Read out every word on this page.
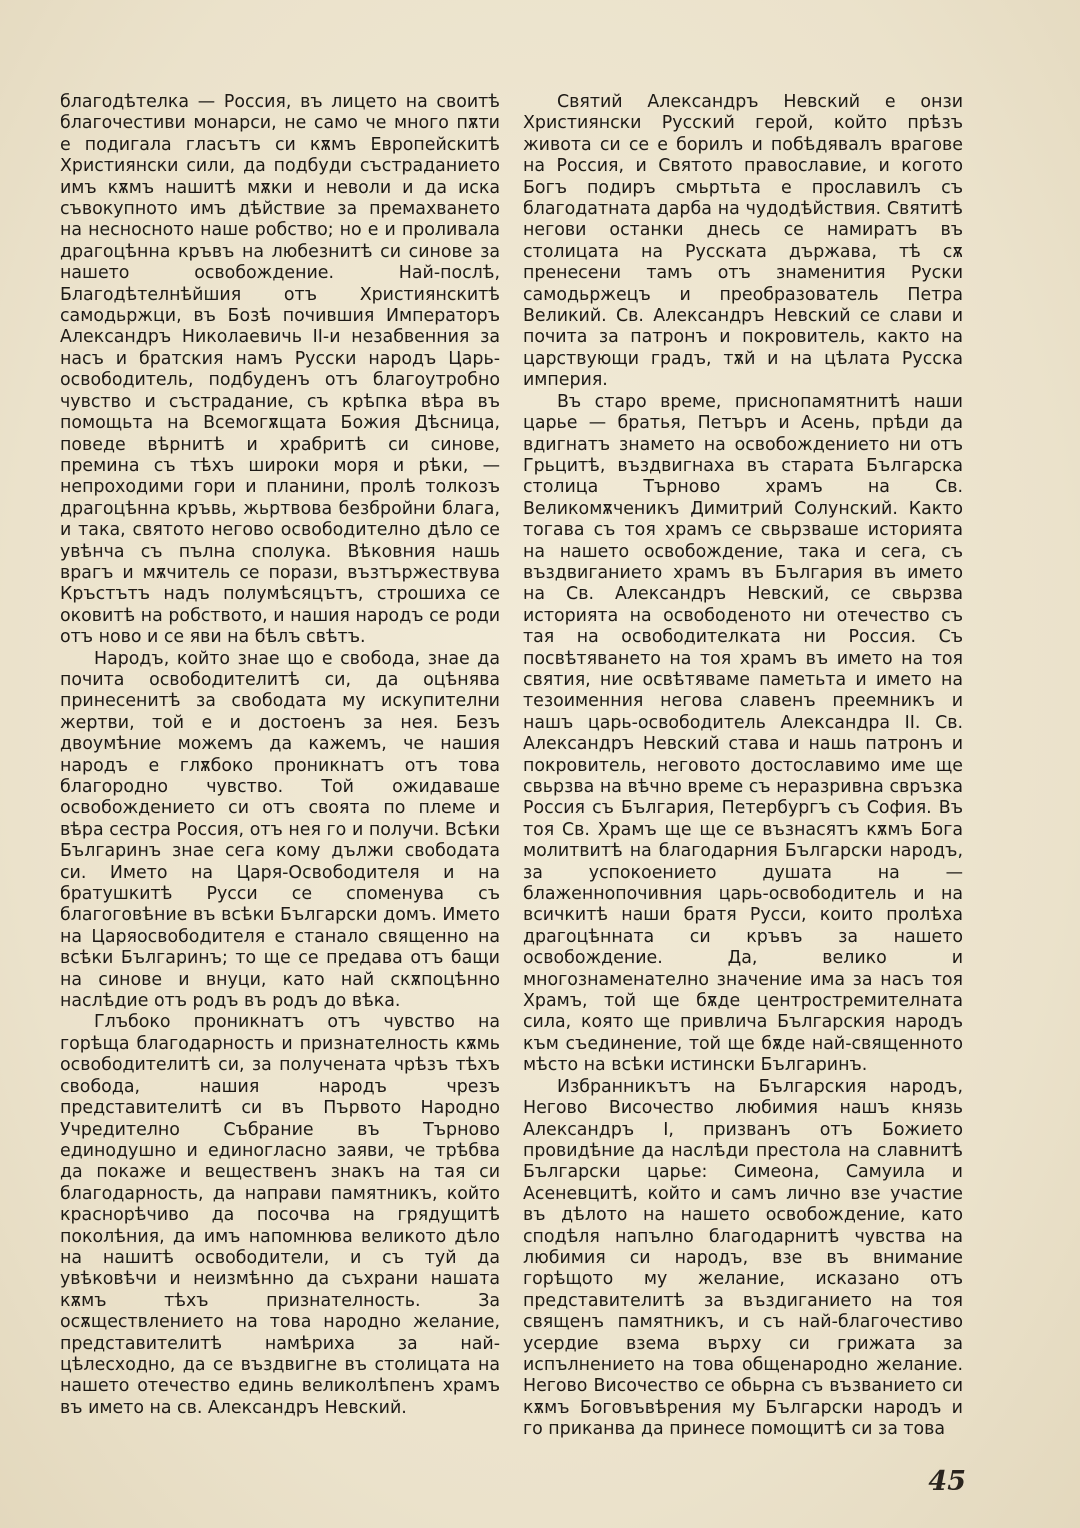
благодѣтелка — Россия, въ лицето на своитѣ благочестиви монарси, не само че много пѫти е подигала гласътъ си кѫмъ Европейскитѣ Християнски сили, да подбуди състраданието имъ кѫмъ нашитѣ мѫки и неволи и да иска съвокупното имъ дѣйствие за премахването на несносното наше робство; но е и проливала драгоцѣнна кръвъ на любезнитѣ си синове за нашето освобождение. Най-послѣ, Благодѣтелнѣйшия отъ Християнскитѣ самодьржци, въ Бозѣ почившия Императоръ Александръ Николаевичь II-и незабвенния за насъ и братския намъ Русски народъ Царь-освободитель, подбуденъ отъ благоутробно чувство и състрадание, съ крѣпка вѣра въ помощьта на Всемогѫщата Божия Дѣсница, поведе вѣрнитѣ и храбритѣ си синове, премина съ тѣхъ широки моря и рѣки, — непроходими гори и планини, пролѣ толкозъ драгоцѣнна кръвь, жьртвова безбройни блага, и така, святото негово освободително дѣло се увѣнча съ пълна сполука. Вѣковния нашь врагъ и мѫчитель се порази, възтържествува Кръстътъ надъ полумѣсяцътъ, строшиха се оковитѣ на робството, и нашия народъ се роди отъ ново и се яви на бѣлъ свѣтъ.

Народъ, който знае що е свобода, знае да почита освободителитѣ си, да оцѣнява принесенитѣ за свободата му искупителни жертви, той е и достоенъ за нея. Безъ двоумѣние можемъ да кажемъ, че нашия народъ е глѫбоко проникнатъ отъ това благородно чувство. Той ожидаваше освобождението си отъ своята по племе и вѣра сестра Россия, отъ нея го и получи. Всѣки Българинъ знае сега кому дължи свободата си. Името на Царя-Освободителя и на братушкитѣ Русси се споменува съ благоговѣние въ всѣки Български домъ. Името на Царяосвободителя е станало священно на всѣки Българинъ; то ще се предава отъ бащи на синове и внуци, като най скѫпоцѣнно наслѣдие отъ родъ въ родъ до вѣка.

Глъбоко проникнатъ отъ чувство на горѣща благодарность и признателность кѫмь освободителитѣ си, за получената чрѣзъ тѣхъ свобода, нашия народъ чрезъ представителитѣ си въ Първото Народно Учредително Събрание въ Търново единодушно и единогласно заяви, че трѣбва да покаже и вещественъ знакъ на тая си благодарность, да направи памятникъ, който краснорѣчиво да посочва на грядущитѣ поколѣния, да имъ напомнюва великото дѣло на нашитѣ освободители, и съ туй да увѣковѣчи и неизмѣнно да съхрани нашата кѫмъ тѣхъ признателность. За осѫществлението на това народно желание, представителитѣ намѣриха за най-цѣлесходно, да се въздвигне въ столицата на нашето отечество единь великолѣпенъ храмъ въ името на св. Александръ Невский.

Святий Александръ Невский е онзи Християнски Русский герой, който прѣзъ живота си се е борилъ и побѣдявалъ врагове на Россия, и Святото православие, и когото Богъ подиръ смьртьта е прославилъ съ благодатната дарба на чудодѣйствия. Святитѣ негови останки днесь се намиратъ въ столицата на Русската държава, тѣ сѫ пренесени тамъ отъ знаменития Руски самодьржецъ и преобразователь Петра Великий. Св. Александръ Невский се слави и почита за патронъ и покровитель, както на царствующи градъ, тѫй и на цѣлата Русска империя.

Въ старо време, приснопамятнитѣ наши царье — братья, Петъръ и Асень, прѣди да вдигнатъ знамето на освобождението ни отъ Грьцитѣ, въздвигнаха въ старата Българска столица Търново храмъ на Св. Великомѫченикъ Димитрий Солунский. Както тогава съ тоя храмъ се свьрзваше историята на нашето освобождение, така и сега, съ въздвиганието храмъ въ България въ името на Св. Александръ Невский, се свьрзва историята на освободеното ни отечество съ тая на освободителката ни Россия. Съ посвѣтяването на тоя храмъ въ името на тоя святия, ние освѣтяваме паметьта и името на тезоименния негова славенъ преемникъ и нашъ царь-освободитель Александра II. Св. Александръ Невский става и нашь патронъ и покровитель, неговото достославимо име ще свьрзва на вѣчно време съ неразривна свръзка Россия съ България, Петербургъ съ София. Въ тоя Св. Храмъ ще ще се възнасятъ кѫмъ Бога молитвитѣ на благодарния Български народъ, за успокоението душата на — блаженнопочивния царь-освободитель и на всичкитѣ наши братя Русси, които пролѣха драгоцѣнната си кръвъ за нашето освобождение. Да, велико и многознаменателно значение има за насъ тоя Храмъ, той ще бѫде центростремителната сила, която ще привлича Българския народъ към съединение, той ще бѫде най-священното мѣсто на всѣки истински Българинъ.

Избранникътъ на Българския народъ, Негово Височество любимия нашъ князь Александръ I, призванъ отъ Божието провидѣние да наслѣди престола на славнитѣ Български царье: Симеона, Самуила и Асеневцитѣ, който и самъ лично взе участие въ дѣлото на нашето освобождение, като сподѣля напълно благодарнитѣ чувства на любимия си народъ, взе въ внимание горѣщото му желание, исказано отъ представителитѣ за въздиганието на тоя священъ памятникъ, и съ най-благочестиво усердие взема върху си грижата за испълнението на това общенародно желание. Негово Височество се обьрна съ възванието си кѫмъ Боговъвѣрения му Български народъ и го приканва да принесе помощитѣ си за това

45
